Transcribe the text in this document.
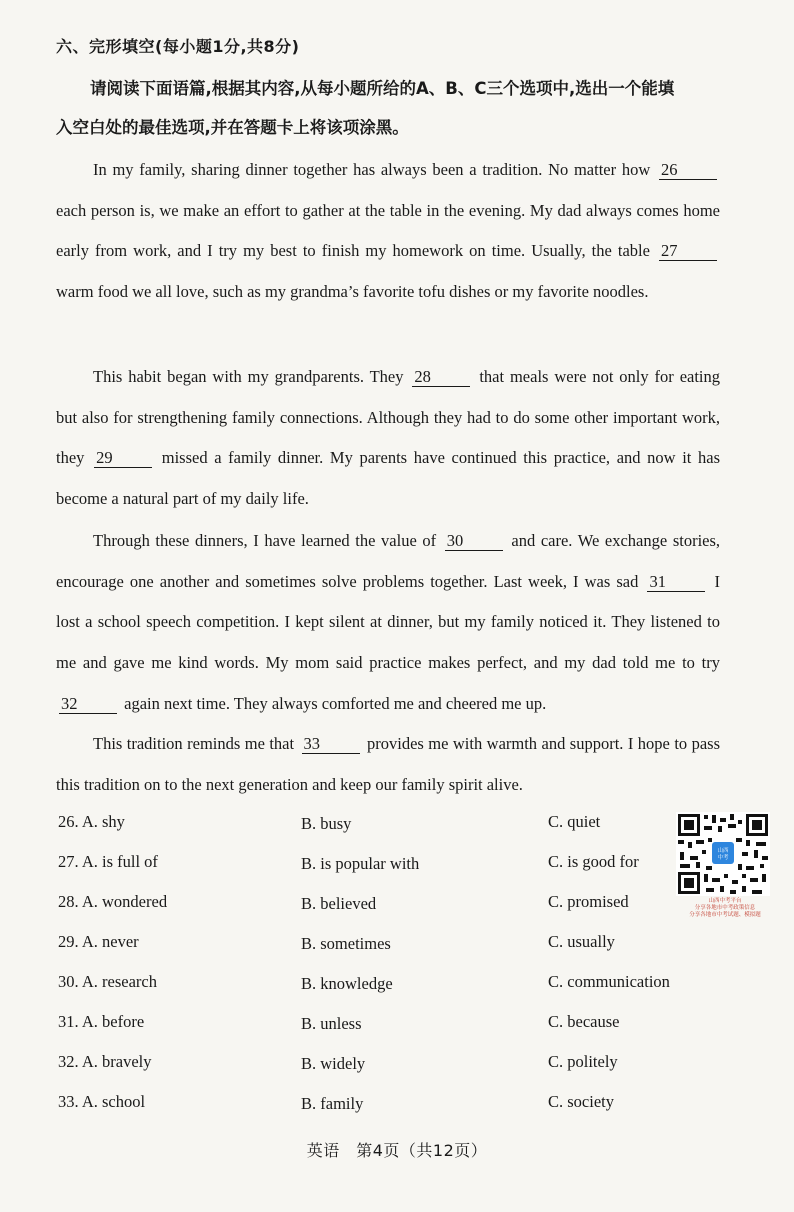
六、完形填空(每小题1分,共8分)
请阅读下面语篇,根据其内容,从每小题所给的A、B、C三个选项中,选出一个能填
入空白处的最佳选项,并在答题卡上将该项涂黑。
In my family, sharing dinner together has always been a tradition. No matter how 26 each person is, we make an effort to gather at the table in the evening. My dad always comes home early from work, and I try my best to finish my homework on time. Usually, the table 27 warm food we all love, such as my grandma’s favorite tofu dishes or my favorite noodles.
This habit began with my grandparents. They 28	that meals were not only for eating but also for strengthening family connections. Although they had to do some other important work, they 29	missed a family dinner. My parents have continued this practice, and now it has become a natural part of my daily life.
Through these dinners, I have learned the value of 30	and care. We exchange stories, encourage one another and sometimes solve problems together. Last week, I was sad 31	I lost a school speech competition. I kept silent at dinner, but my family noticed it. They listened to me and gave me kind words. My mom said practice makes perfect, and my dad told me to try 32	again next time. They always comforted me and cheered me up.
This tradition reminds me that 33	provides me with warmth and support. I hope to pass this tradition on to the next generation and keep our family spirit alive.
26. A. shy	B. busy	C. quiet
27. A. is full of	B. is popular with	C. is good for
28. A. wondered	B. believed	C. promised
29. A. never	B. sometimes	C. usually
30. A. research	B. knowledge	C. communication
31. A. before	B. unless	C. because
32. A. bravely	B. widely	C. politely
33. A. school	B. family	C. society
山西
中考
山西中考平台
分享各地市中考政策信息
分享各地市中考试题、模拟题
英语　第4页（共12页）
